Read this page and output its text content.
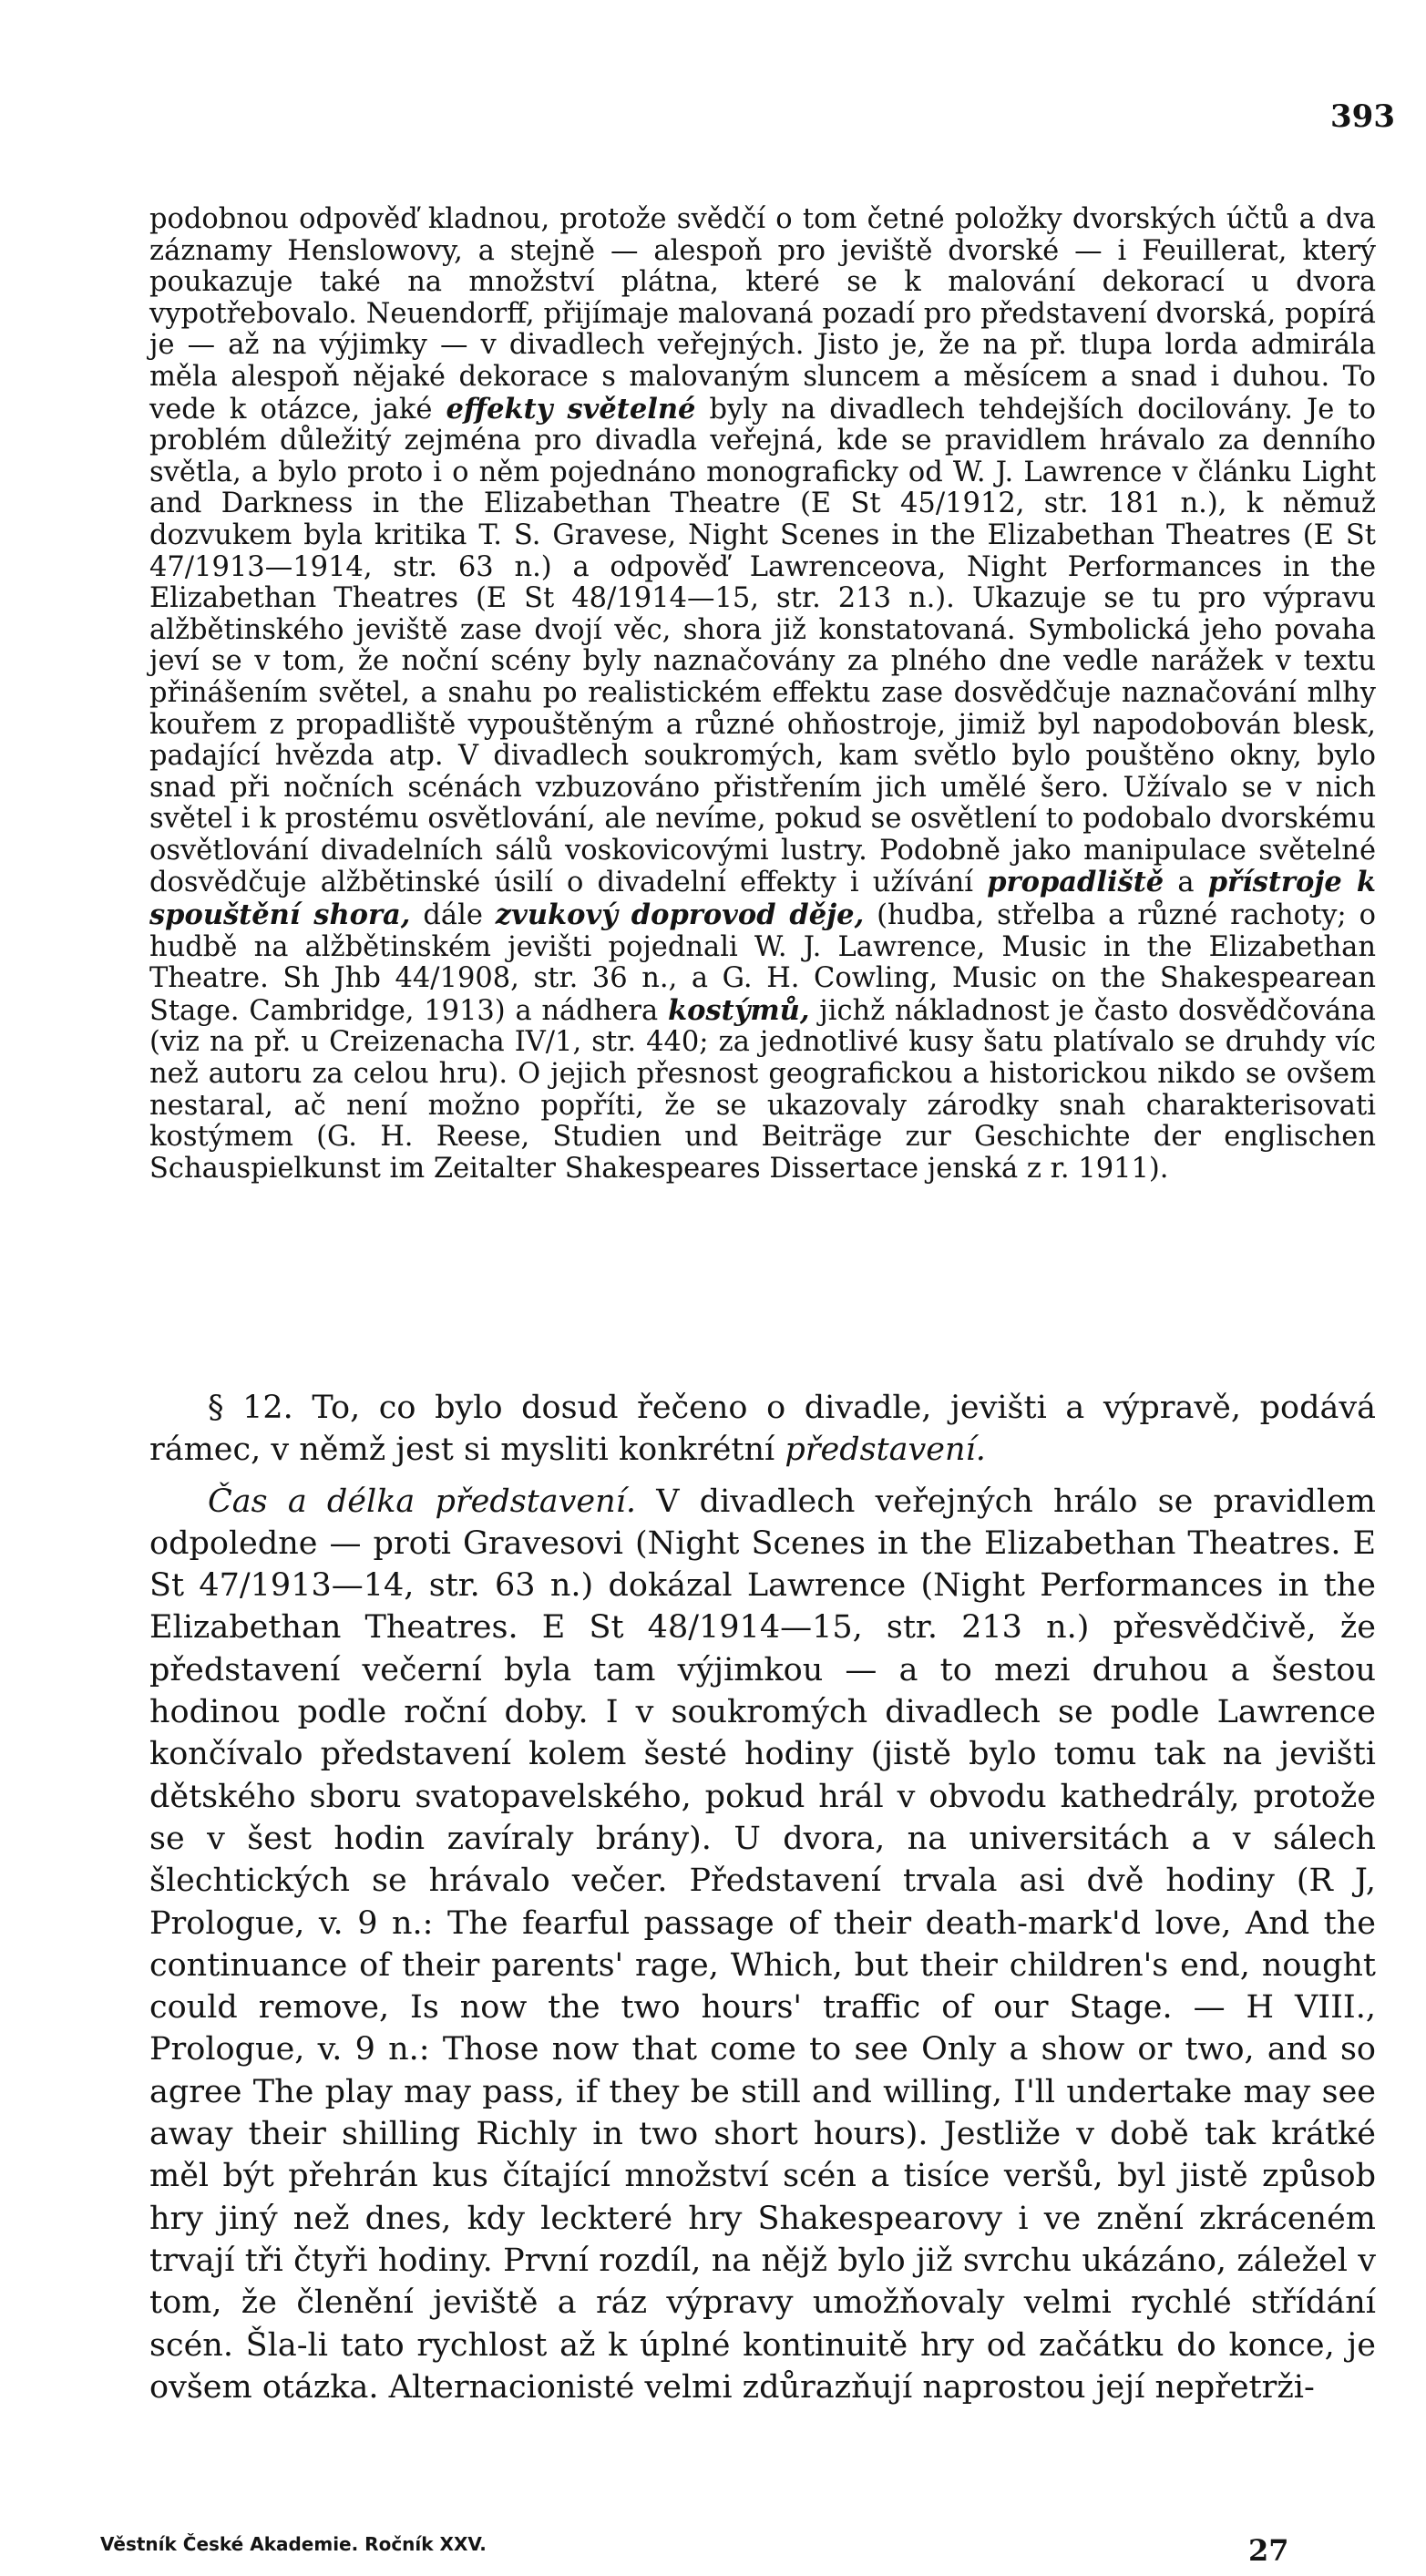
393

podobnou odpověď kladnou, protože svědčí o tom četné položky dvorských účtů a dva záznamy Henslowovy, a stejně — alespoň pro jeviště dvorské — i Feuillerat, který poukazuje také na množství plátna, které se k malování dekorací u dvora vypotřebovalo. Neuendorff, přijímaje malovaná pozadí pro představení dvorská, popírá je — až na výjimky — v divadlech veřejných. Jisto je, že na př. tlupa lorda admirála měla alespoň nějaké dekorace s malovaným sluncem a měsícem a snad i duhou. To vede k otázce, jaké effekty světelné byly na divadlech tehdejších docilovány. Je to problém důležitý zejména pro divadla veřejná, kde se pravidlem hrávalo za denního světla, a bylo proto i o něm pojednáno monograficky od W. J. Lawrence v článku Light and Darkness in the Elizabethan Theatre (E St 45/1912, str. 181 n.), k němuž dozvukem byla kritika T. S. Gravese, Night Scenes in the Elizabethan Theatres (E St 47/1913—1914, str. 63 n.) a odpověď Lawrenceova, Night Performances in the Elizabethan Theatres (E St 48/1914—15, str. 213 n.). Ukazuje se tu pro výpravu alžbětinského jeviště zase dvojí věc, shora již konstatovaná. Symbolická jeho povaha jeví se v tom, že noční scény byly naznačovány za plného dne vedle narážek v textu přinášením světel, a snahu po realistickém effektu zase dosvědčuje naznačování mlhy kouřem z propadliště vypouštěným a různé ohňostroje, jimiž byl napodobován blesk, padající hvězda atp. V divadlech soukromých, kam světlo bylo pouštěno okny, bylo snad při nočních scénách vzbuzováno přistřením jich umělé šero. Užívalo se v nich světel i k prostému osvětlování, ale nevíme, pokud se osvětlení to podobalo dvorskému osvětlování divadelních sálů voskovicovými lustry. Podobně jako manipulace světelné dosvědčuje alžbětinské úsilí o divadelní effekty i užívání propadliště a přístroje k spouštění shora, dále zvukový doprovod děje, (hudba, střelba a různé rachoty; o hudbě na alžbětinském jevišti pojednali W. J. Lawrence, Music in the Elizabethan Theatre. Sh Jhb 44/1908, str. 36 n., a G. H. Cowling, Music on the Shakespearean Stage. Cambridge, 1913) a nádhera kostýmů, jichž nákladnost je často dosvědčována (viz na př. u Creizenacha IV/1, str. 440; za jednotlivé kusy šatu platívalo se druhdy víc než autoru za celou hru). O jejich přesnost geografickou a historickou nikdo se ovšem nestaral, ač není možno popříti, že se ukazovaly zárodky snah charakterisovati kostýmem (G. H. Reese, Studien und Beiträge zur Geschichte der englischen Schauspielkunst im Zeitalter Shakespeares Dissertace jenská z r. 1911).

§ 12. To, co bylo dosud řečeno o divadle, jevišti a výpravě, podává rámec, v němž jest si mysliti konkrétní představení.

Čas a délka představení. V divadlech veřejných hrálo se pravidlem odpoledne — proti Gravesovi (Night Scenes in the Elizabethan Theatres. E St 47/1913—14, str. 63 n.) dokázal Lawrence (Night Performances in the Elizabethan Theatres. E St 48/1914—15, str. 213 n.) přesvědčivě, že představení večerní byla tam výjimkou — a to mezi druhou a šestou hodinou podle roční doby. I v soukromých divadlech se podle Lawrence končívalo představení kolem šesté hodiny (jistě bylo tomu tak na jevišti dětského sboru svatopavelského, pokud hrál v obvodu kathedrály, protože se v šest hodin zavíraly brány). U dvora, na universitách a v sálech šlechtických se hrávalo večer. Představení trvala asi dvě hodiny (R J, Prologue, v. 9 n.: The fearful passage of their death-mark'd love, And the continuance of their parents' rage, Which, but their children's end, nought could remove, Is now the two hours' traffic of our Stage. — H VIII., Prologue, v. 9 n.: Those now that come to see Only a show or two, and so agree The play may pass, if they be still and willing, I'll undertake may see away their shilling Richly in two short hours). Jestliže v době tak krátké měl být přehrán kus čítající množství scén a tisíce veršů, byl jistě způsob hry jiný než dnes, kdy leckteré hry Shakespearovy i ve znění zkráceném trvají tři čtyři hodiny. První rozdíl, na nějž bylo již svrchu ukázáno, záležel v tom, že členění jeviště a ráz výpravy umožňovaly velmi rychlé střídání scén. Šla-li tato rychlost až k úplné kontinuitě hry od začátku do konce, je ovšem otázka. Alternacionisté velmi zdůrazňují naprostou její nepřetrži-

Věstník České Akademie. Ročník XXV.	27
